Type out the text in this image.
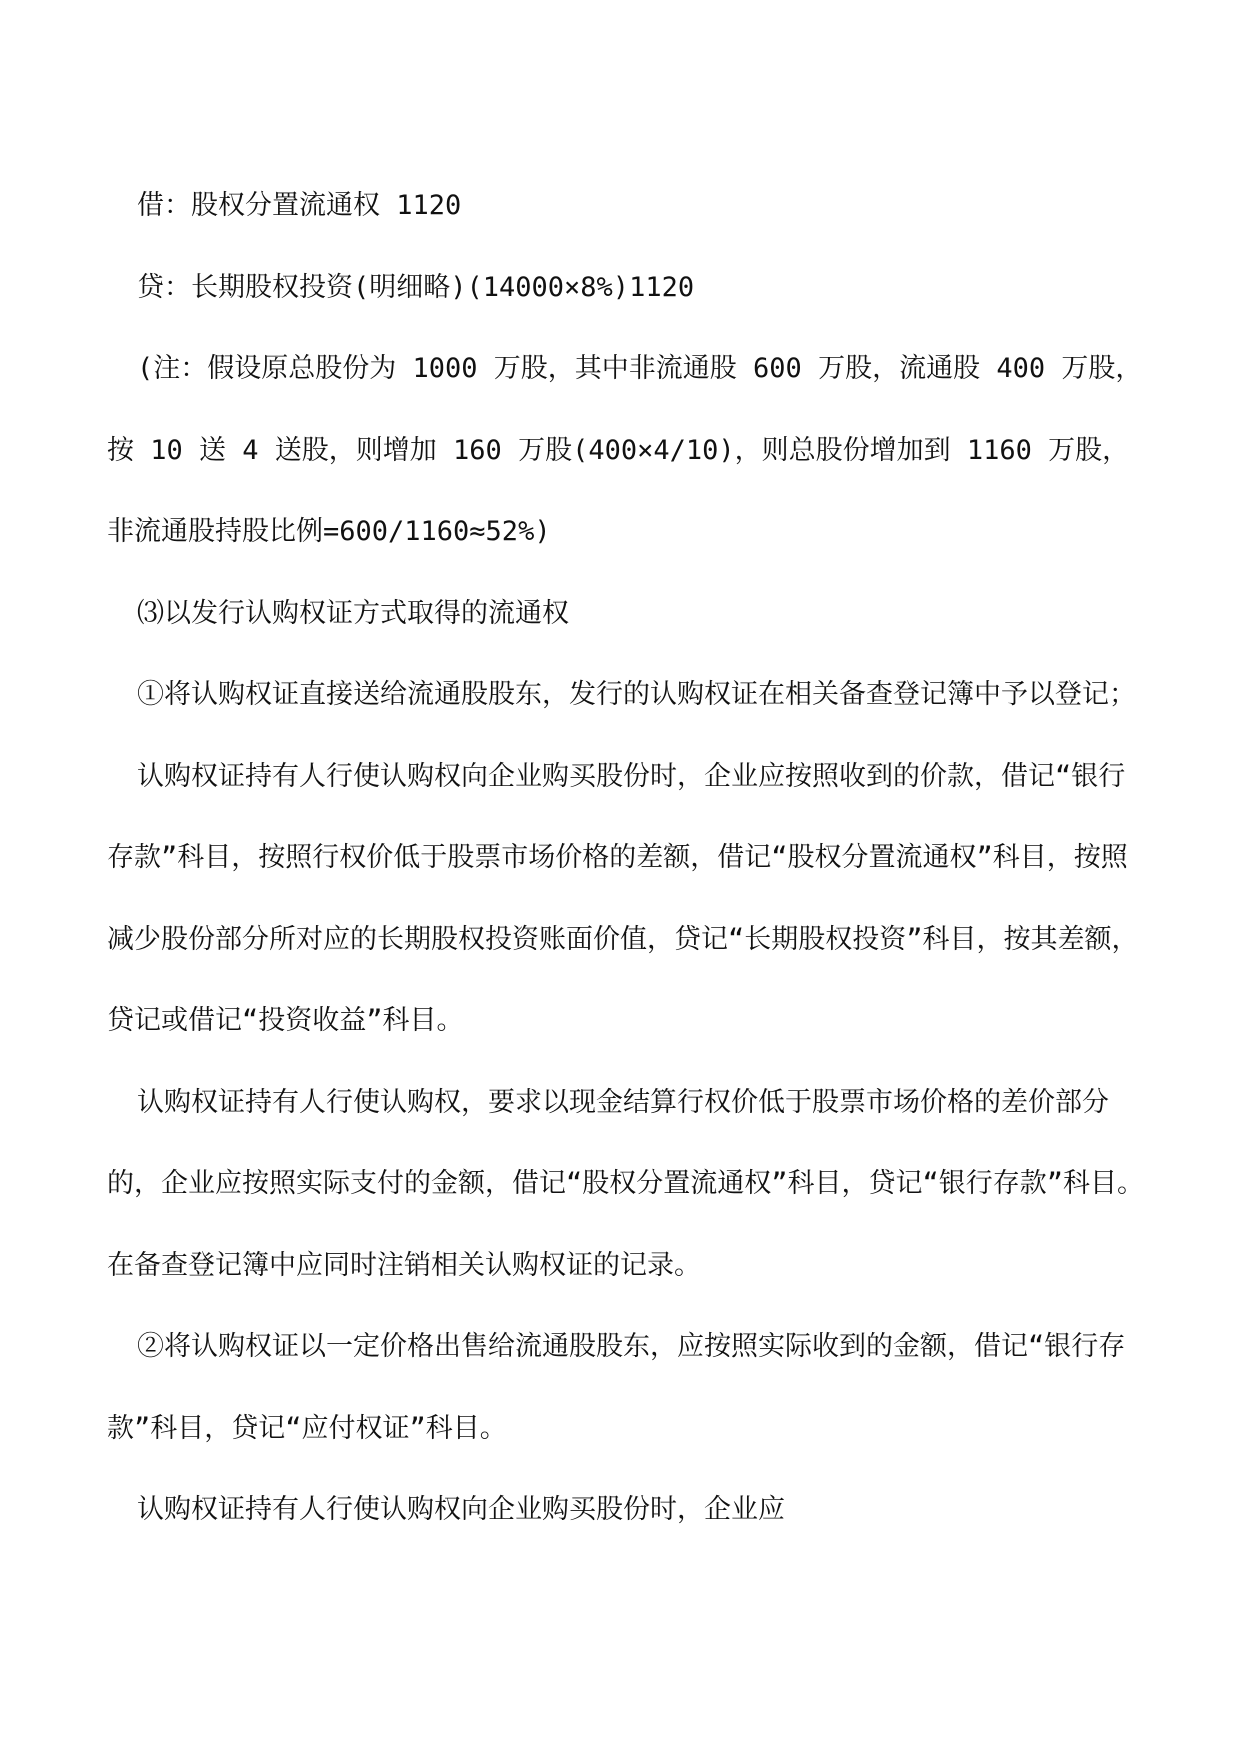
借：股权分置流通权 1120

贷：长期股权投资(明细略)(14000×8%)1120

(注：假设原总股份为 1000 万股，其中非流通股 600 万股，流通股 400 万股，按 10 送 4 送股，则增加 160 万股(400×4/10)，则总股份增加到 1160 万股，非流通股持股比例=600/1160≈52%)

⑶以发行认购权证方式取得的流通权

①将认购权证直接送给流通股股东，发行的认购权证在相关备查登记簿中予以登记；

认购权证持有人行使认购权向企业购买股份时，企业应按照收到的价款，借记“银行存款”科目，按照行权价低于股票市场价格的差额，借记“股权分置流通权”科目，按照减少股份部分所对应的长期股权投资账面价值，贷记“长期股权投资”科目，按其差额，贷记或借记“投资收益”科目。

认购权证持有人行使认购权，要求以现金结算行权价低于股票市场价格的差价部分的，企业应按照实际支付的金额，借记“股权分置流通权”科目，贷记“银行存款”科目。在备查登记簿中应同时注销相关认购权证的记录。

②将认购权证以一定价格出售给流通股股东，应按照实际收到的金额，借记“银行存款”科目，贷记“应付权证”科目。

认购权证持有人行使认购权向企业购买股份时，企业应
